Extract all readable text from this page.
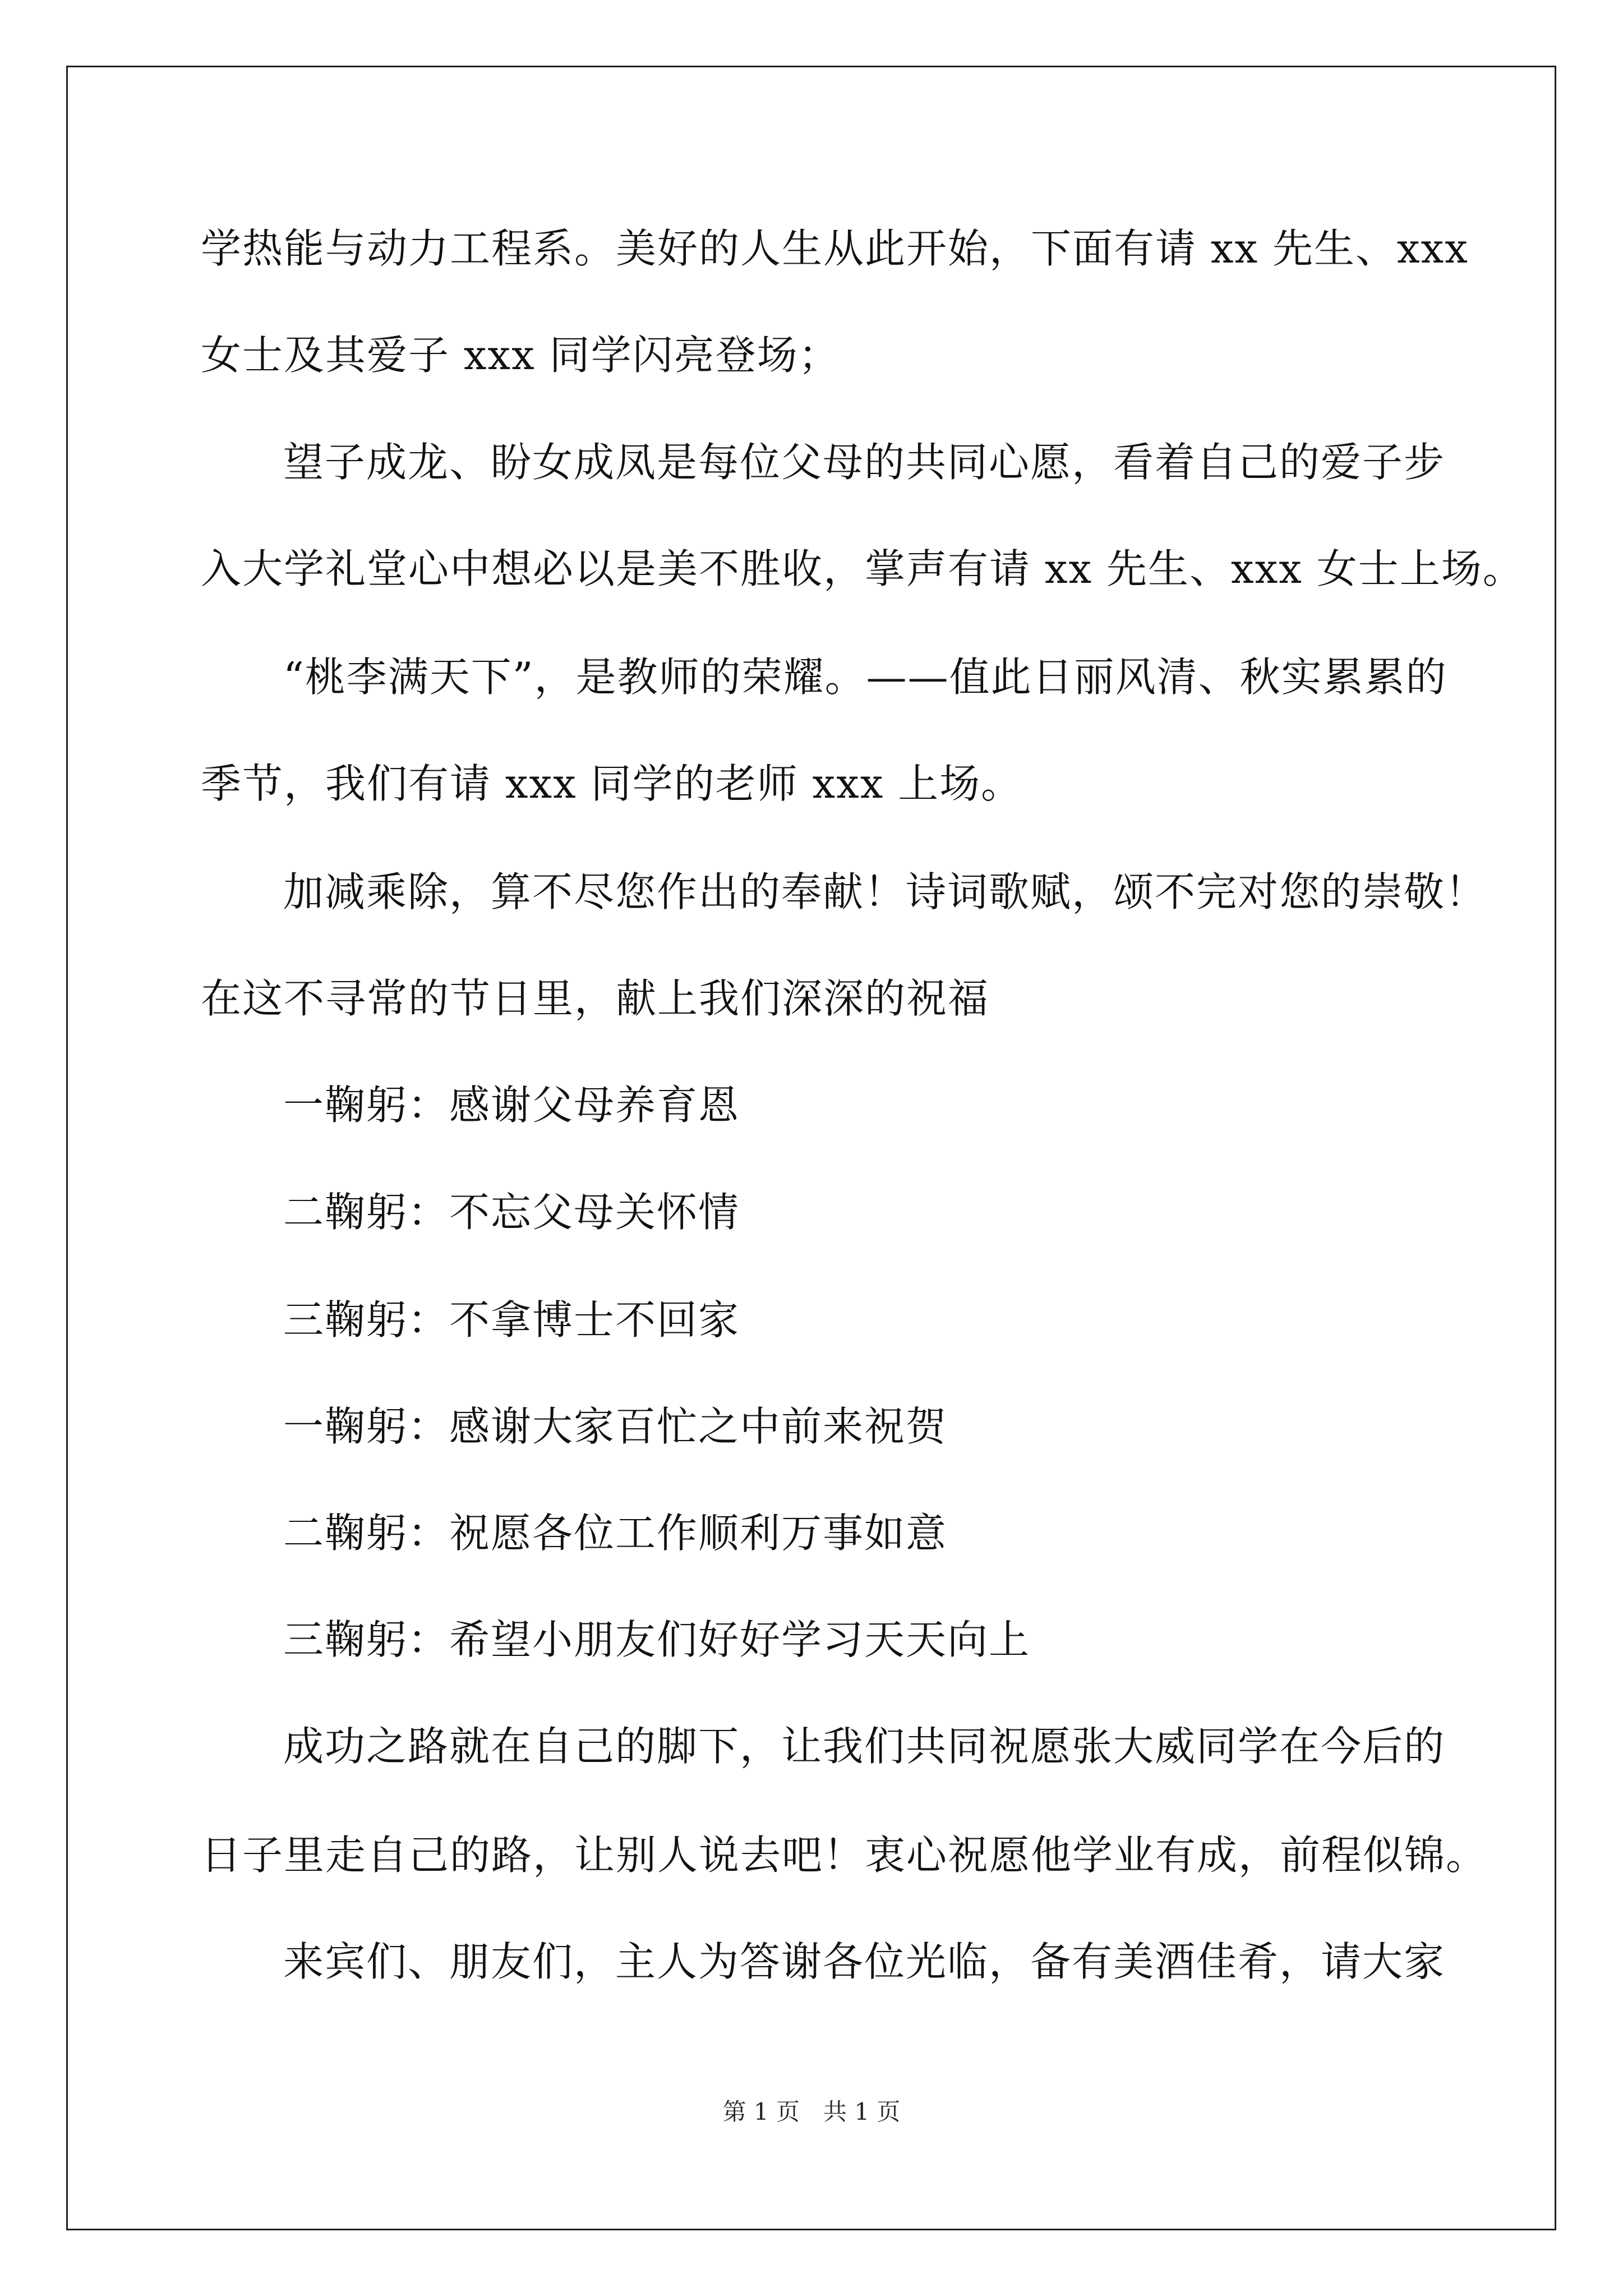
学热能与动力工程系。美好的人生从此开始，下面有请 xx 先生、xxx
女士及其爱子 xxx 同学闪亮登场；
望子成龙、盼女成凤是每位父母的共同心愿，看着自己的爱子步
入大学礼堂心中想必以是美不胜收，掌声有请 xx 先生、xxx 女士上场。
“桃李满天下”，是教师的荣耀。——值此日丽风清、秋实累累的
季节，我们有请 xxx 同学的老师 xxx 上场。
加减乘除，算不尽您作出的奉献！诗词歌赋，颂不完对您的崇敬！
在这不寻常的节日里，献上我们深深的祝福
一鞠躬：感谢父母养育恩
二鞠躬：不忘父母关怀情
三鞠躬：不拿博士不回家
一鞠躬：感谢大家百忙之中前来祝贺
二鞠躬：祝愿各位工作顺利万事如意
三鞠躬：希望小朋友们好好学习天天向上
成功之路就在自己的脚下，让我们共同祝愿张大威同学在今后的
日子里走自己的路，让别人说去吧！衷心祝愿他学业有成，前程似锦。
来宾们、朋友们，主人为答谢各位光临，备有美酒佳肴，请大家
第 1 页　共 1 页
